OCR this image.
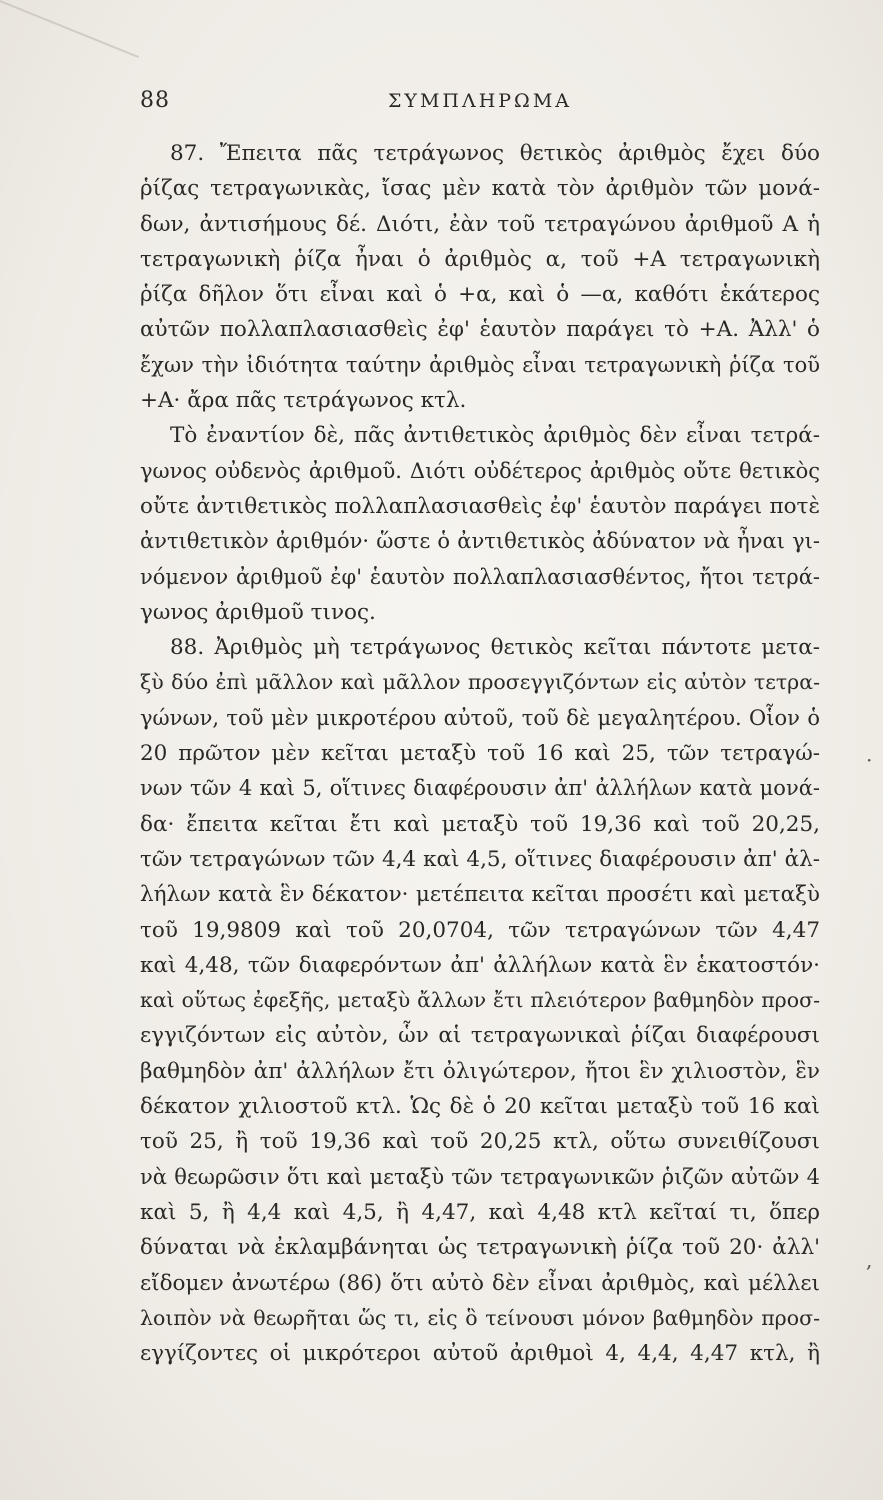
88	ΣΥΜΠΛΗΡΩΜΑ
87. Ἔπειτα πᾶς τετράγωνος θετικὸς ἀριθμὸς ἔχει δύο
ῥίζας τετραγωνικὰς, ἴσας μὲν κατὰ τὸν ἀριθμὸν τῶν μονά-
δων, ἀντισήμους δέ. Διότι, ἐὰν τοῦ τετραγώνου ἀριθμοῦ A ἡ
τετραγωνικὴ ῥίζα ἦναι ὁ ἀριθμὸς α, τοῦ +A τετραγωνικὴ
ῥίζα δῆλον ὅτι εἶναι καὶ ὁ +α, καὶ ὁ —α, καθότι ἑκάτερος
αὐτῶν πολλαπλασιασθεὶς ἐφ' ἑαυτὸν παράγει τὸ +A. Ἀλλ' ὁ
ἔχων τὴν ἰδιότητα ταύτην ἀριθμὸς εἶναι τετραγωνικὴ ῥίζα τοῦ
+A· ἄρα πᾶς τετράγωνος κτλ.
Τὸ ἐναντίον δὲ, πᾶς ἀντιθετικὸς ἀριθμὸς δὲν εἶναι τετρά-
γωνος οὐδενὸς ἀριθμοῦ. Διότι οὐδέτερος ἀριθμὸς οὔτε θετικὸς
οὔτε ἀντιθετικὸς πολλαπλασιασθεὶς ἐφ' ἑαυτὸν παράγει ποτὲ
ἀντιθετικὸν ἀριθμόν· ὥστε ὁ ἀντιθετικὸς ἀδύνατον νὰ ἦναι γι-
νόμενον ἀριθμοῦ ἐφ' ἑαυτὸν πολλαπλασιασθέντος, ἤτοι τετρά-
γωνος ἀριθμοῦ τινος.
88. Ἀριθμὸς μὴ τετράγωνος θετικὸς κεῖται πάντοτε μετα-
ξὺ δύο ἐπὶ μᾶλλον καὶ μᾶλλον προσεγγιζόντων εἰς αὐτὸν τετρα-
γώνων, τοῦ μὲν μικροτέρου αὐτοῦ, τοῦ δὲ μεγαλητέρου. Οἷον ὁ
20 πρῶτον μὲν κεῖται μεταξὺ τοῦ 16 καὶ 25, τῶν τετραγώ-
νων τῶν 4 καὶ 5, οἵτινες διαφέρουσιν ἀπ' ἀλλήλων κατὰ μονά-
δα· ἔπειτα κεῖται ἔτι καὶ μεταξὺ τοῦ 19,36 καὶ τοῦ 20,25,
τῶν τετραγώνων τῶν 4,4 καὶ 4,5, οἵτινες διαφέρουσιν ἀπ' ἀλ-
λήλων κατὰ ἓν δέκατον· μετέπειτα κεῖται προσέτι καὶ μεταξὺ
τοῦ 19,9809 καὶ τοῦ 20,0704, τῶν τετραγώνων τῶν 4,47
καὶ 4,48, τῶν διαφερόντων ἀπ' ἀλλήλων κατὰ ἓν ἑκατοστόν·
καὶ οὕτως ἐφεξῆς, μεταξὺ ἄλλων ἔτι πλειότερον βαθμηδὸν προσ-
εγγιζόντων εἰς αὐτὸν, ὧν αἱ τετραγωνικαὶ ῥίζαι διαφέρουσι
βαθμηδὸν ἀπ' ἀλλήλων ἔτι ὀλιγώτερον, ἤτοι ἓν χιλιοστὸν, ἓν
δέκατον χιλιοστοῦ κτλ. Ὡς δὲ ὁ 20 κεῖται μεταξὺ τοῦ 16 καὶ
τοῦ 25, ἢ τοῦ 19,36 καὶ τοῦ 20,25 κτλ, οὕτω συνειθίζουσι
νὰ θεωρῶσιν ὅτι καὶ μεταξὺ τῶν τετραγωνικῶν ῥιζῶν αὐτῶν 4
καὶ 5, ἢ 4,4 καὶ 4,5, ἢ 4,47, καὶ 4,48 κτλ κεῖταί τι, ὅπερ
δύναται νὰ ἐκλαμβάνηται ὡς τετραγωνικὴ ῥίζα τοῦ 20· ἀλλ'
εἴδομεν ἀνωτέρω (86) ὅτι αὐτὸ δὲν εἶναι ἀριθμὸς, καὶ μέλλει
λοιπὸν νὰ θεωρῆται ὥς τι, εἰς ὃ τείνουσι μόνον βαθμηδὸν προσ-
εγγίζοντες οἱ μικρότεροι αὐτοῦ ἀριθμοὶ 4, 4,4, 4,47 κτλ, ἢ
·
,
